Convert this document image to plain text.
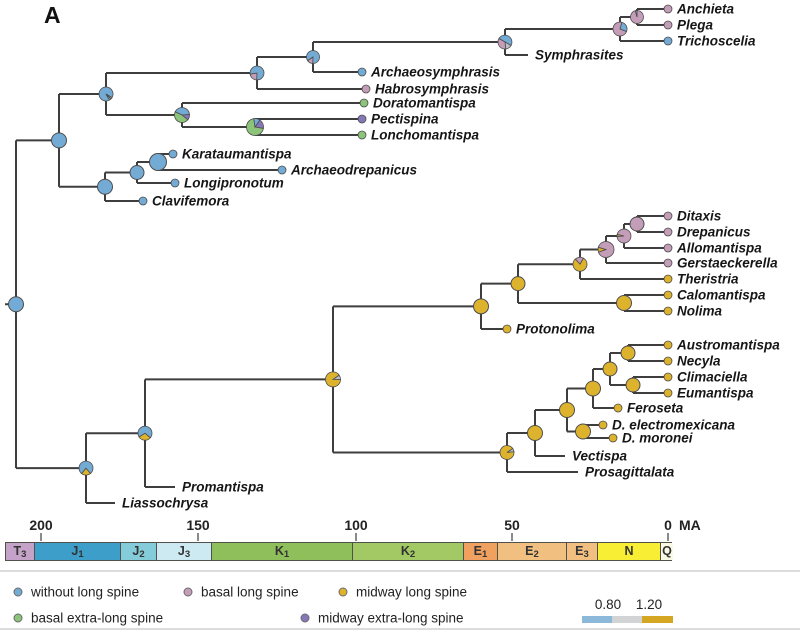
A	Anchieta
Plega
Trichoscelia
Symphrasites
Archaeosymphrasis
Habrosymphrasis
Doratomantispa
Pectispina
Lonchomantispa
Karataumantispa
Archaeodrepanicus
Longipronotum
Clavifemora
Ditaxis
Drepanicus
Allomantispa
Gerstaeckerella
Theristria
Calomantispa
Nolima
Protonolima
Austromantispa
Necyla
Climaciella
Eumantispa
Feroseta
D. electromexicana
D. moronei
Vectispa
Prosagittalata
Promantispa
Liassochrysa
200	150	100	50	0 MA
T 3	J 1	J 2	J 3	K 1	K 2	E 1	E 2	E 3	N Q
without long spine	basal long spine	midway long spine
basal extra-long spine	midway extra-long spine
0.80 1.20
